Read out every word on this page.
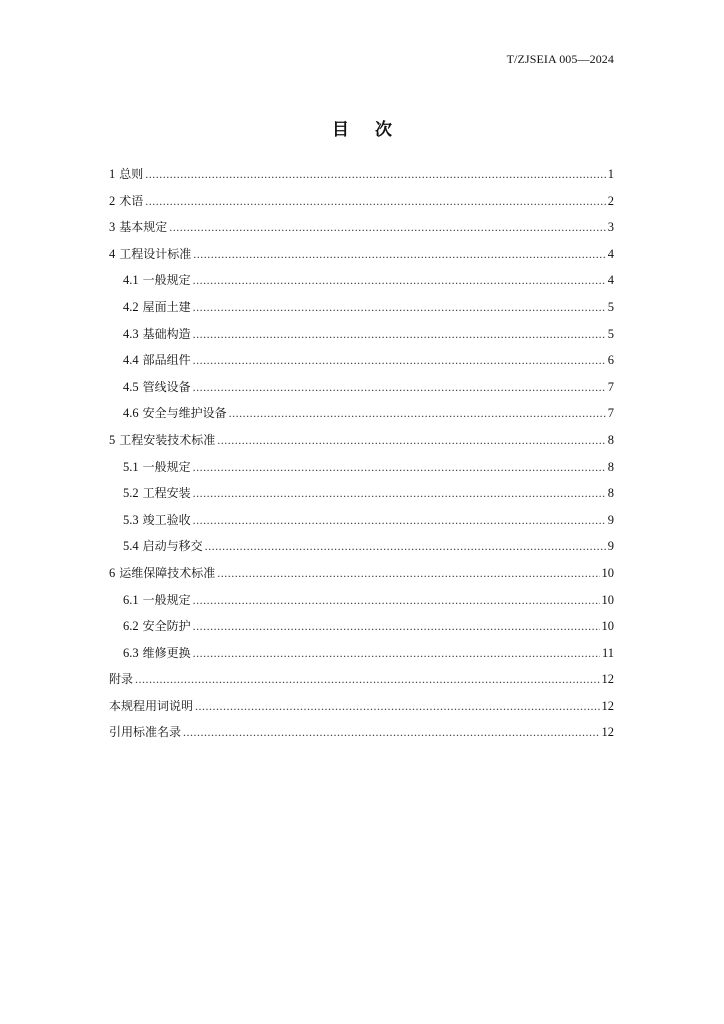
T/ZJSEIA 005—2024
目 次
1 总则 .....	1
2 术语 .....	2
3 基本规定 .....	3
4 工程设计标准 .....	4
4.1 一般规定 .....	4
4.2 屋面土建 .....	5
4.3 基础构造 .....	5
4.4 部品组件 .....	6
4.5 管线设备 .....	7
4.6 安全与维护设备 .....	7
5 工程安装技术标准 .....	8
5.1 一般规定 .....	8
5.2 工程安装 .....	8
5.3 竣工验收 .....	9
5.4 启动与移交 .....	9
6 运维保障技术标准 .....	10
6.1 一般规定 .....	10
6.2 安全防护 .....	10
6.3 维修更换 .....	11
附录 .....	12
本规程用词说明 .....	12
引用标准名录 .....	12
